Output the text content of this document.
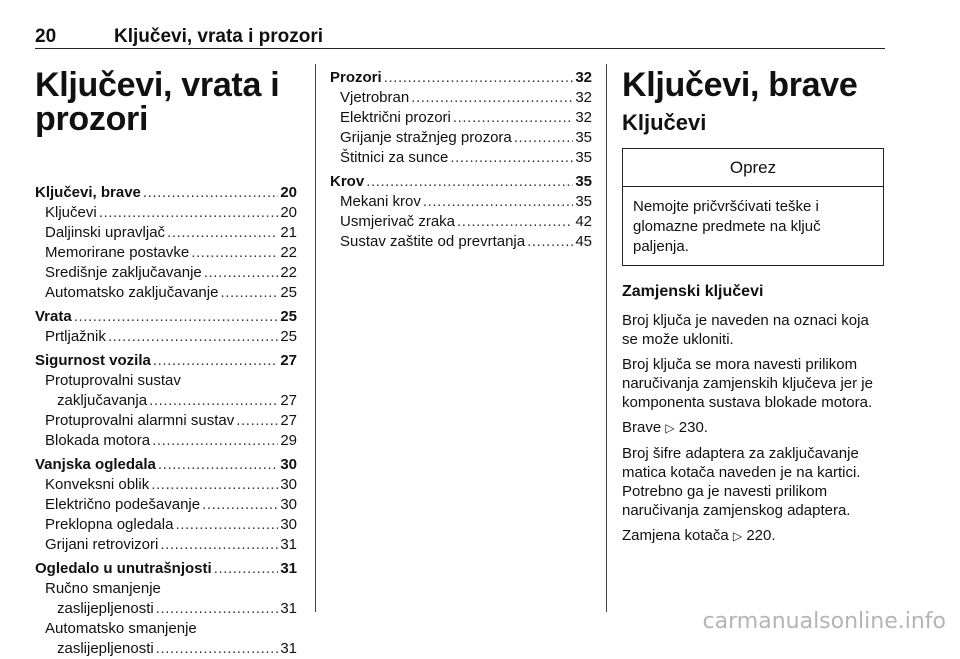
20	Ključevi, vrata i prozori
Ključevi, vrata i
prozori
Ključevi, brave .....	20
Ključevi .....	20
Daljinski upravljač .....	21
Memorirane postavke .....	22
Središnje zaključavanje .....	22
Automatsko zaključavanje .....	25
Vrata .....	25
Prtljažnik .....	25
Sigurnost vozila .....	27
Protuprovalni sustav
zaključavanja .....	27
Protuprovalni alarmni sustav .....	27
Blokada motora .....	29
Vanjska ogledala .....	30
Konveksni oblik .....	30
Električno podešavanje .....	30
Preklopna ogledala .....	30
Grijani retrovizori .....	31
Ogledalo u unutrašnjosti .....	31
Ručno smanjenje
zaslijepljenosti .....	31
Automatsko smanjenje
zaslijepljenosti .....	31
Prozori .....	32
Vjetrobran .....	32
Električni prozori .....	32
Grijanje stražnjeg prozora .....	35
Štitnici za sunce .....	35
Krov .....	35
Mekani krov .....	35
Usmjerivač zraka .....	42
Sustav zaštite od prevrtanja .....	45
Ključevi, brave
Ključevi
Oprez
Nemojte pričvršćivati teške i glomazne predmete na ključ paljenja.
Zamjenski ključevi

Broj ključa je naveden na oznaci koja se može ukloniti.

Broj ključa se mora navesti prilikom naručivanja zamjenskih ključeva jer je komponenta sustava blokade motora.

Brave ▷ 230.

Broj šifre adaptera za zaključavanje matica kotača naveden je na kartici. Potrebno ga je navesti prilikom naručivanja zamjenskog adaptera.

Zamjena kotača ▷ 220.

carmanualsonline.info
